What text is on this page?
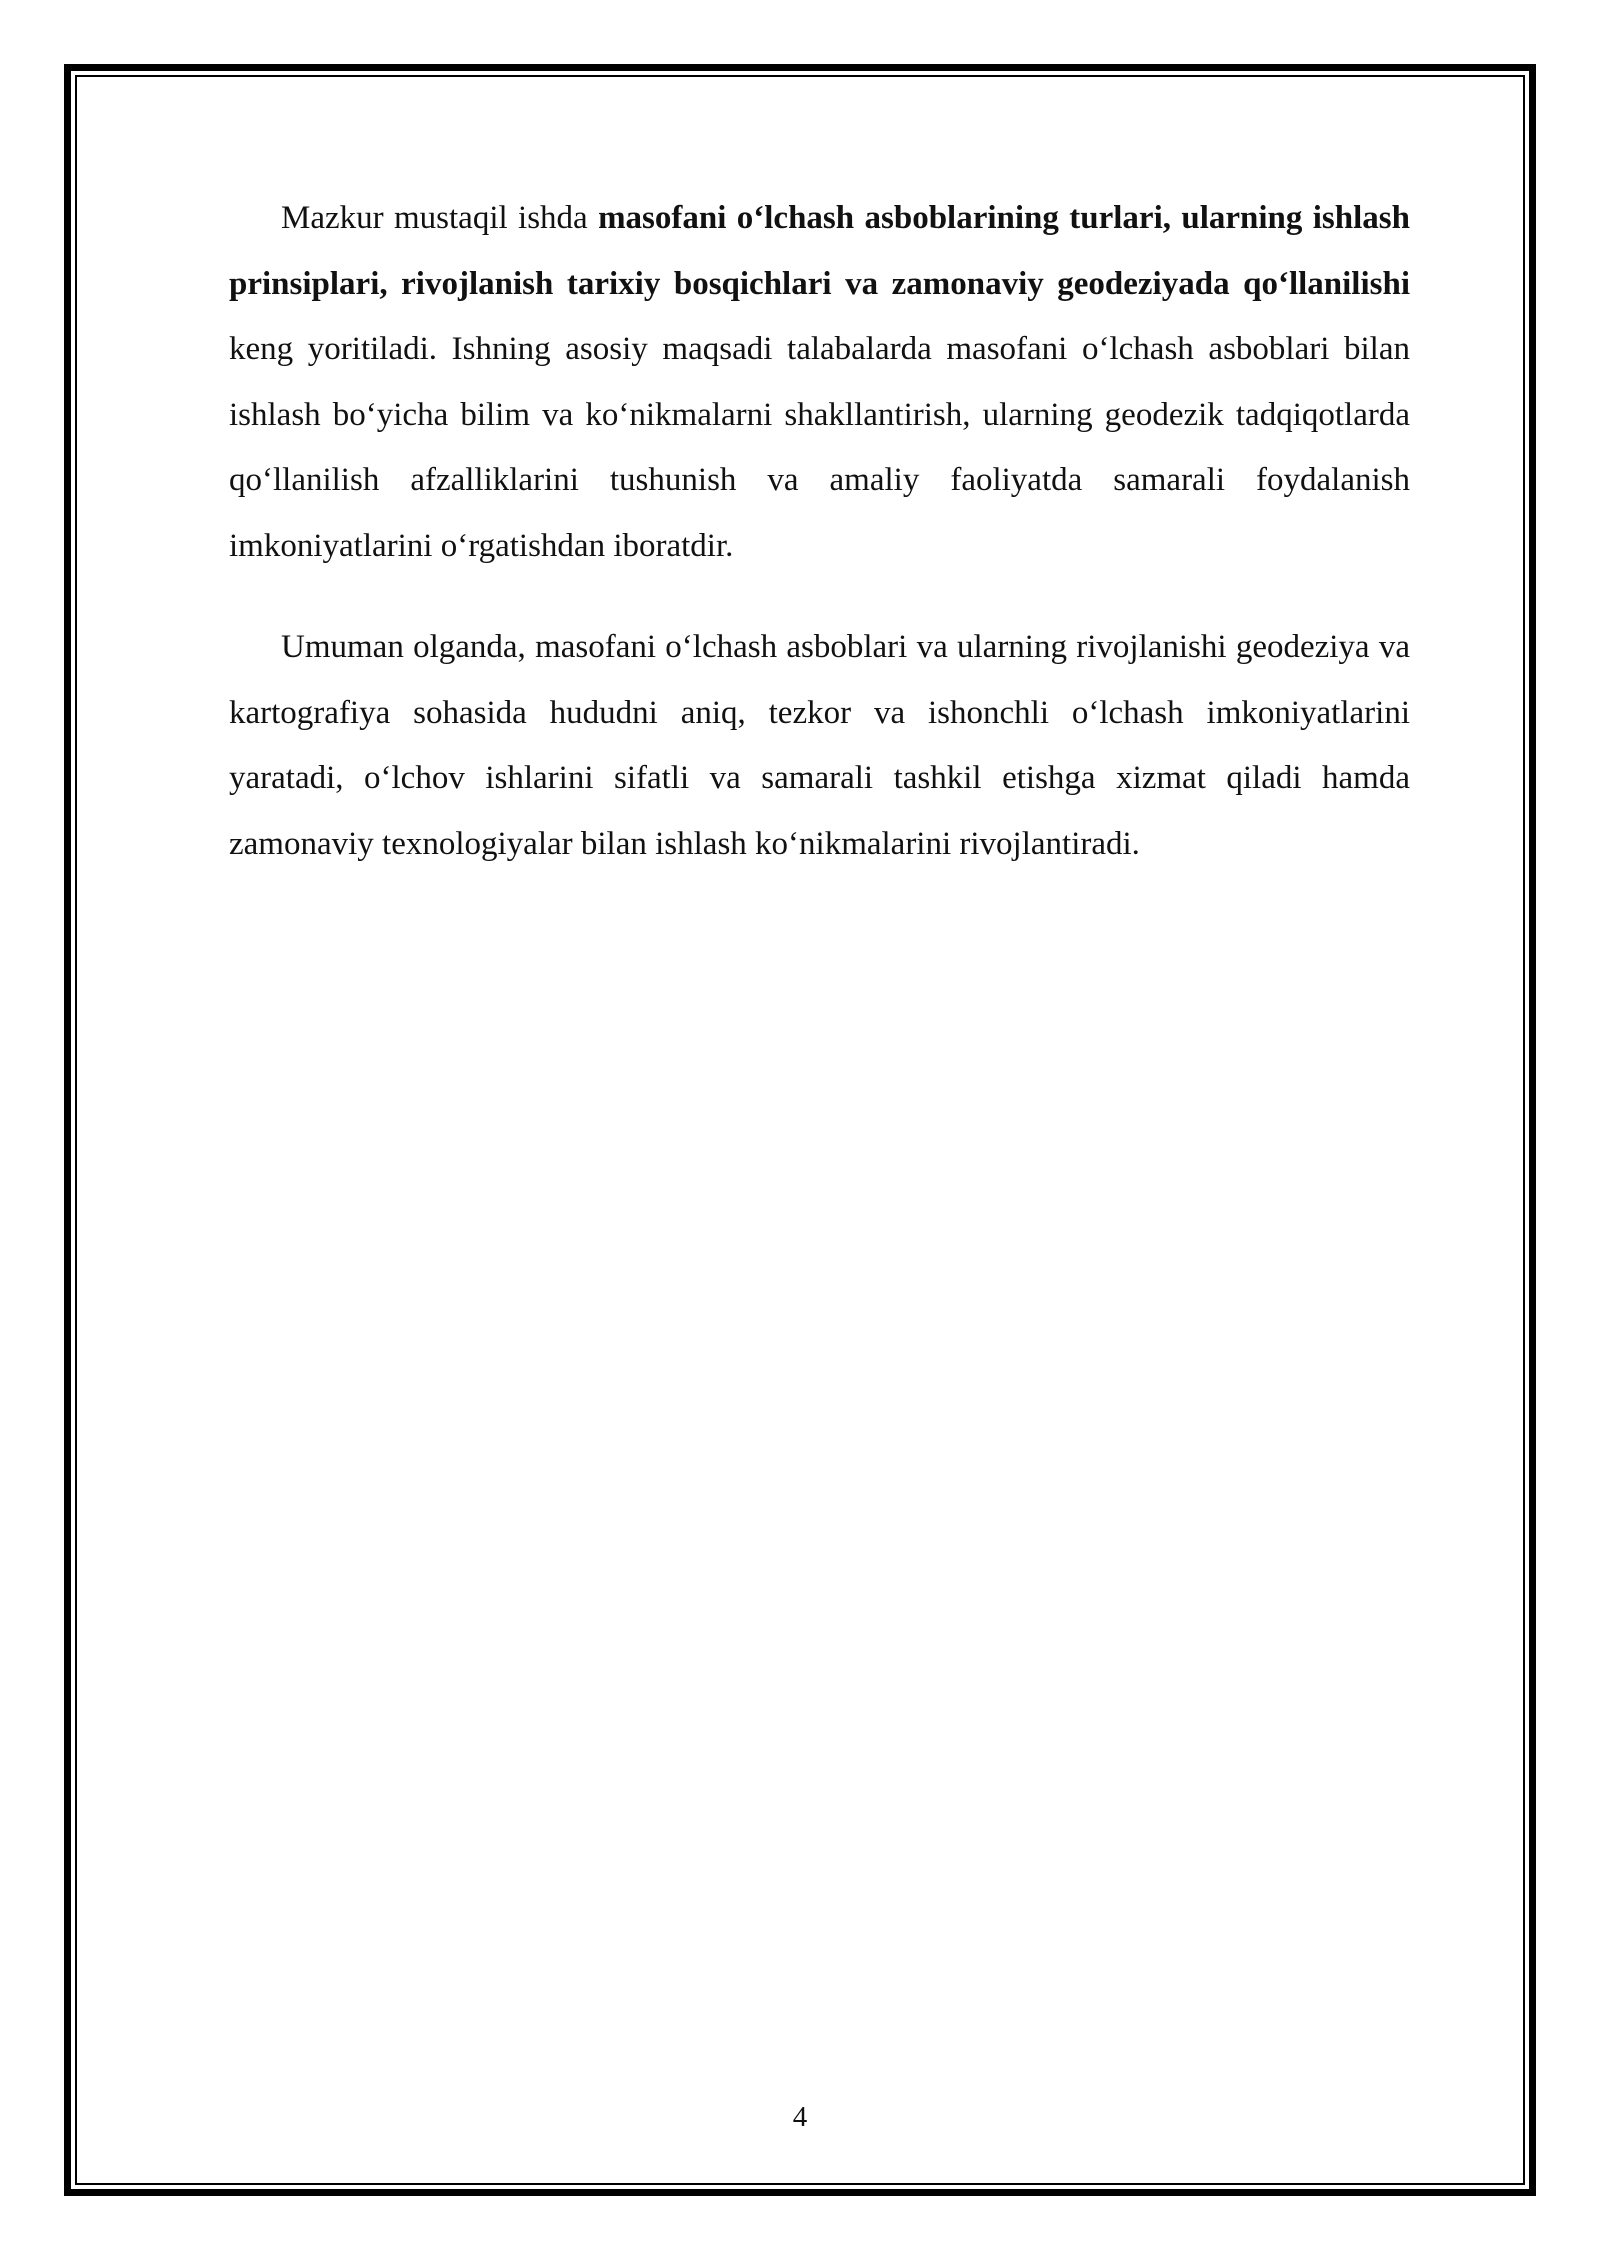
Mazkur mustaqil ishda masofani o‘lchash asboblarining turlari, ularning ishlash prinsiplari, rivojlanish tarixiy bosqichlari va zamonaviy geodeziyada qo‘llanilishi keng yoritiladi. Ishning asosiy maqsadi talabalarda masofani o‘lchash asboblari bilan ishlash bo‘yicha bilim va ko‘nikmalarni shakllantirish, ularning geodezik tadqiqotlarda qo‘llanilish afzalliklarini tushunish va amaliy faoliyatda samarali foydalanish imkoniyatlarini o‘rgatishdan iboratdir.

Umuman olganda, masofani o‘lchash asboblari va ularning rivojlanishi geodeziya va kartografiya sohasida hududni aniq, tezkor va ishonchli o‘lchash imkoniyatlarini yaratadi, o‘lchov ishlarini sifatli va samarali tashkil etishga xizmat qiladi hamda zamonaviy texnologiyalar bilan ishlash ko‘nikmalarini rivojlantiradi.

4
